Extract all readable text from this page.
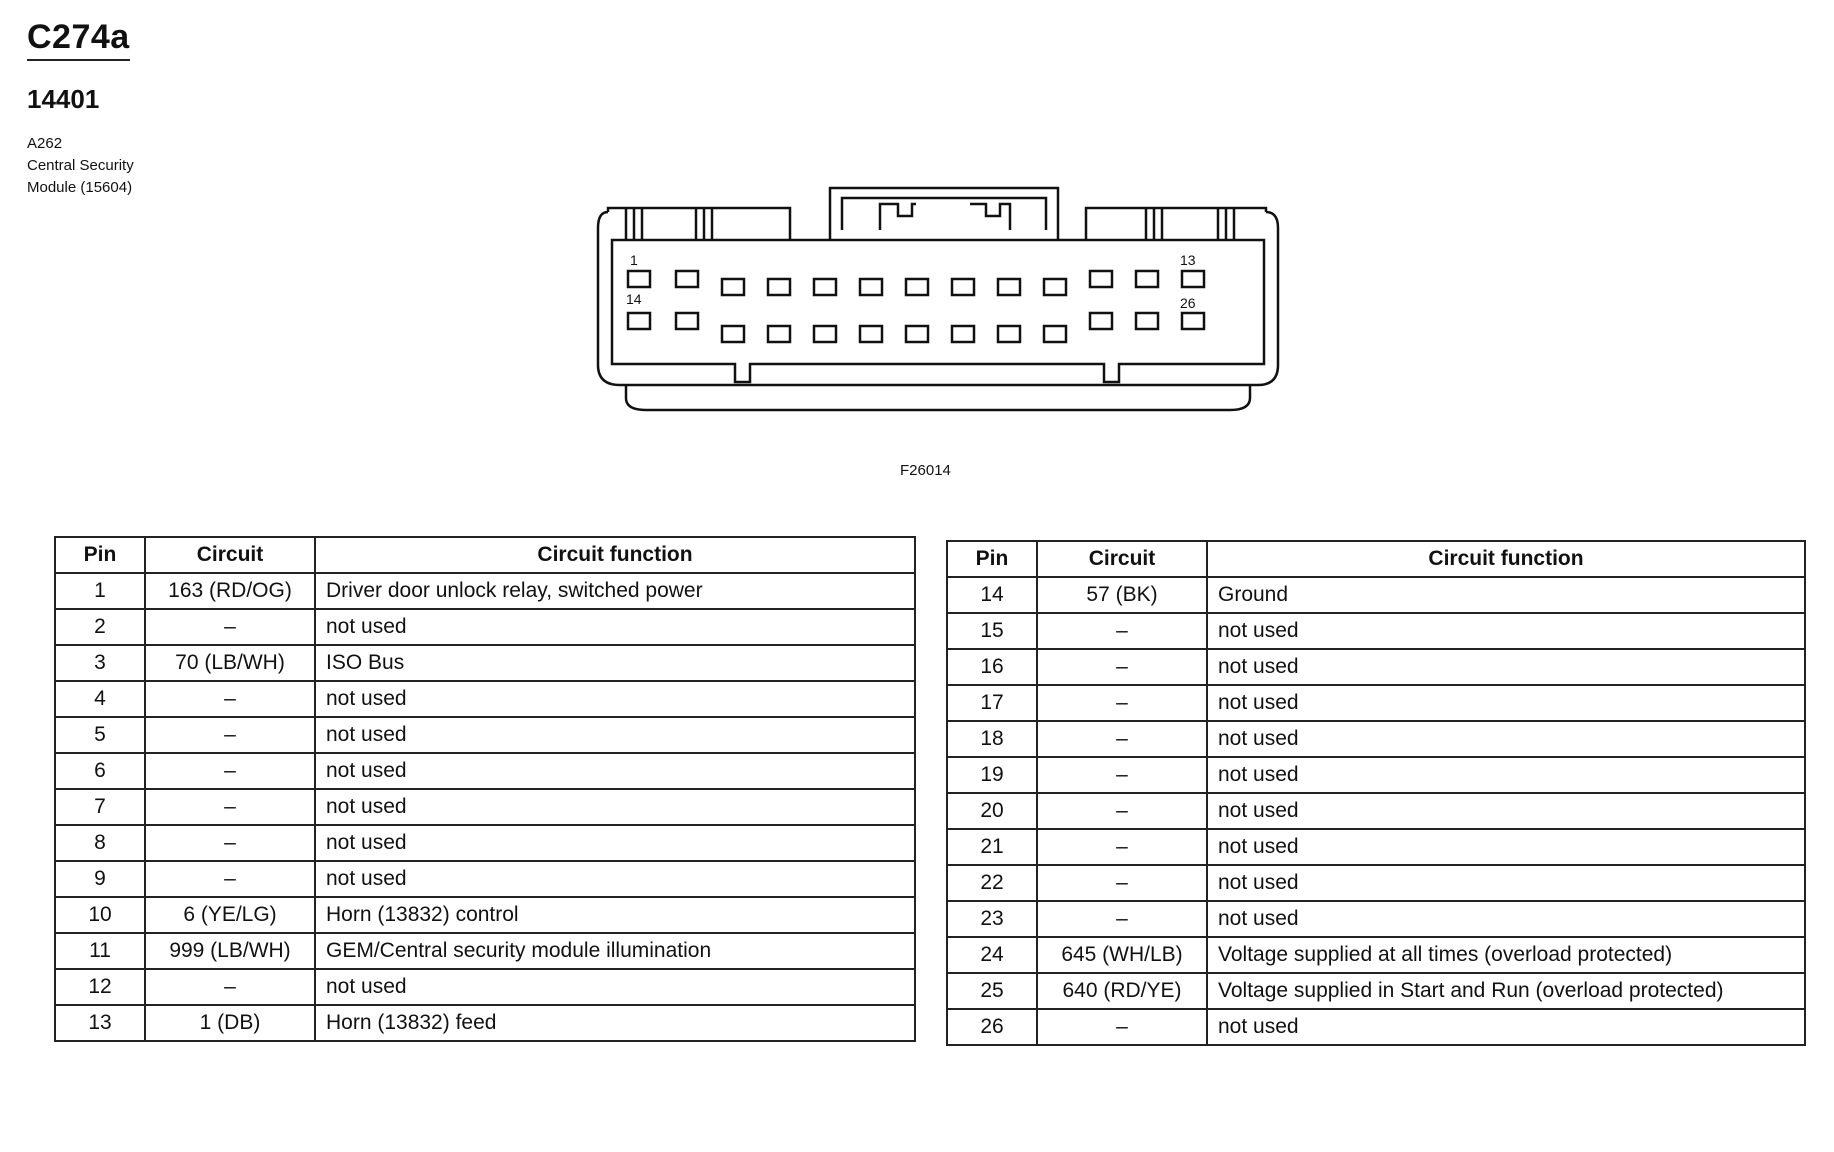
C274a
14401
A262
Central Security
Module (15604)
1	13
14	26
F26014
Pin	Circuit	Circuit function
1	163 (RD/OG)	Driver door unlock relay, switched power
2	–	not used
3	70 (LB/WH)	ISO Bus
4	–	not used
5	–	not used
6	–	not used
7	–	not used
8	–	not used
9	–	not used
10	6 (YE/LG)	Horn (13832) control
11	999 (LB/WH)	GEM/Central security module illumination
12	–	not used
13	1 (DB)	Horn (13832) feed
Pin	Circuit	Circuit function
14	57 (BK)	Ground
15	–	not used
16	–	not used
17	–	not used
18	–	not used
19	–	not used
20	–	not used
21	–	not used
22	–	not used
23	–	not used
24	645 (WH/LB)	Voltage supplied at all times (overload protected)
25	640 (RD/YE)	Voltage supplied in Start and Run (overload protected)
26	–	not used
